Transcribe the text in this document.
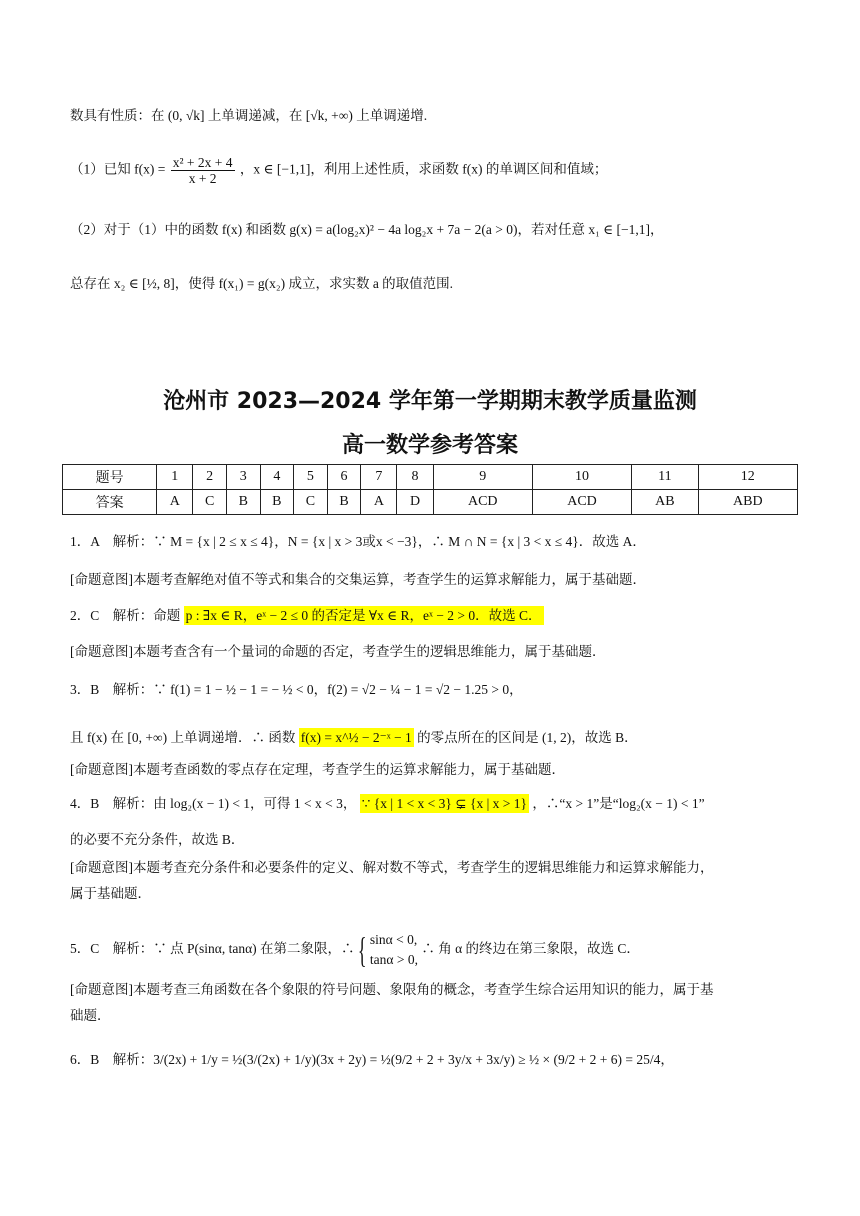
数具有性质：在 (0, √k] 上单调递减，在 [√k, +∞) 上单调递增.
（1）已知 $f(x) = \frac{\text{x² + 2x + 4}}{x + 2}$ ，x ∈ [−1,1]，利用上述性质，求函数 f(x) 的单调区间和值域；
（2）对于（1）中的函数 f(x) 和函数 g(x) = a(log₂x)² − 4a log₂x + 7a − 2(a > 0)，若对任意 x₁ ∈ [−1,1]，
总存在 x₂ ∈ [½, 8]，使得 f(x₁) = g(x₂) 成立，求实数 a 的取值范围.
沧州市 2023—2024 学年第一学期期末教学质量监测
高一数学参考答案
题号	1	2	3	4	5	6	7	8	9	10	11	12
答案	A	C	B	B	C	B	A	D	ACD	ACD	AB	ABD
1．A　解析：∵ M = {x | 2 ≤ x ≤ 4}，N = {x | x > 3或x < −3}，∴ M ∩ N = {x | 3 < x ≤ 4}．故选 A．
[命题意图]本题考查解绝对值不等式和集合的交集运算，考查学生的运算求解能力，属于基础题．
2．C　解析：命题 p : ∃x ∈ R，eˣ − 2 ≤ 0 的否定是 ∀x ∈ R，eˣ − 2 > 0．故选 C．
[命题意图]本题考查含有一个量词的命题的否定，考查学生的逻辑思维能力，属于基础题．
3．B　解析：∵ f(1) = 1 − ½ − 1 = − ½ < 0，f(2) = √2 − ¼ − 1 = √2 − 1.25 > 0，
且 f(x) 在 [0, +∞) 上单调递增．∴ 函数 f(x) = x^½ − 2⁻ˣ − 1 的零点所在的区间是 (1, 2)，故选 B．
[命题意图]本题考查函数的零点存在定理，考查学生的运算求解能力，属于基础题．
4．B　解析：由 log₂(x − 1) < 1，可得 1 < x < 3， ∵ {x | 1 < x < 3} ⊊ {x | x > 1} ，∴“x > 1”是“log₂(x − 1) < 1”
的必要不充分条件，故选 B．
[命题意图]本题考查充分条件和必要条件的定义、解对数不等式，考查学生的逻辑思维能力和运算求解能力，
属于基础题．
5．C　解析：∵ 点 P(sinα, tanα) 在第二象限，∴ { sinα < 0,
tanα > 0,
∴ 角 α 的终边在第三象限，故选 C．
[命题意图]本题考查三角函数在各个象限的符号问题、象限角的概念，考查学生综合运用知识的能力，属于基
础题．
6．B　解析：3/(2x) + 1/y = ½(3/(2x) + 1/y)(3x + 2y) = ½(9/2 + 2 + 3y/x + 3x/y) ≥ ½ × (9/2 + 2 + 6) = 25/4，
